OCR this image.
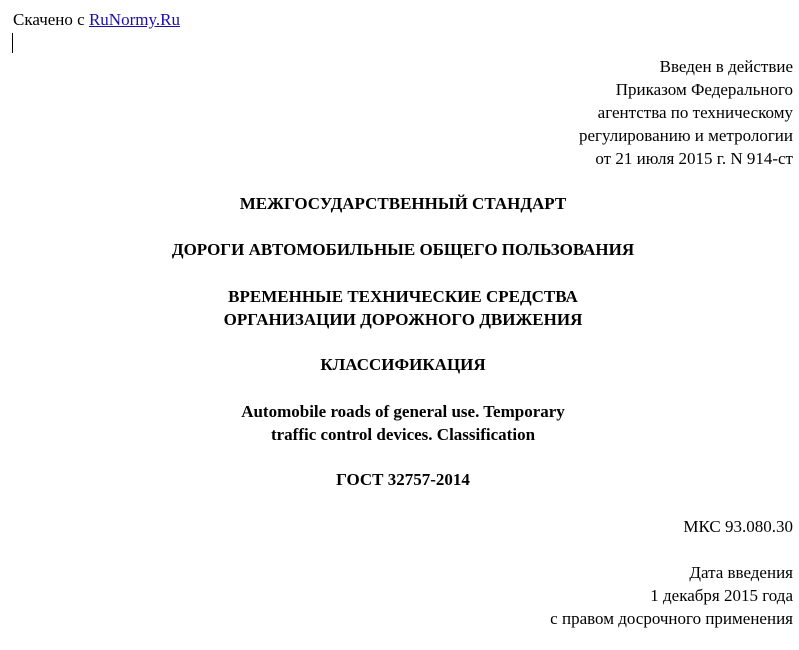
Скачено с RuNormy.Ru
Введен в действие
Приказом Федерального
агентства по техническому
регулированию и метрологии
от 21 июля 2015 г. N 914-ст
МЕЖГОСУДАРСТВЕННЫЙ СТАНДАРТ
ДОРОГИ АВТОМОБИЛЬНЫЕ ОБЩЕГО ПОЛЬЗОВАНИЯ
ВРЕМЕННЫЕ ТЕХНИЧЕСКИЕ СРЕДСТВА
ОРГАНИЗАЦИИ ДОРОЖНОГО ДВИЖЕНИЯ
КЛАССИФИКАЦИЯ
Automobile roads of general use. Temporary
traffic control devices. Classification
ГОСТ 32757-2014
МКС 93.080.30
Дата введения
1 декабря 2015 года
с правом досрочного применения
